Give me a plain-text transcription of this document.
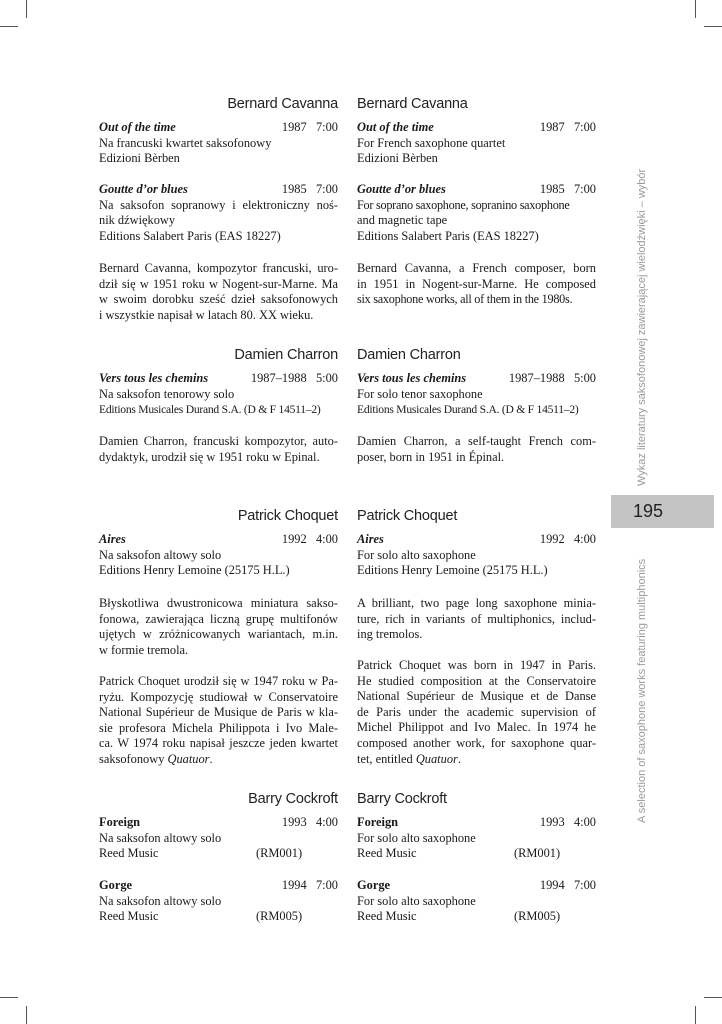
Bernard Cavanna
Out of the time	1987 7:00
Na francuski kwartet saksofonowy
Edizioni Bèrben
Goutte d’or blues	1985 7:00
Na saksofon sopranowy i elektroniczny noś-
nik dźwiękowy
Editions Salabert Paris (EAS 18227)
Bernard Cavanna, kompozytor francuski, uro-
dził się w 1951 roku w Nogent-sur-Marne. Ma
w swoim dorobku sześć dzieł saksofonowych
i wszystkie napisał w latach 80. XX wieku.
Damien Charron
Vers tous les chemins	1987–1988 5:00
Na saksofon tenorowy solo
Editions Musicales Durand S.A. (D & F 14511–2)
Damien Charron, francuski kompozytor, auto-
dydaktyk, urodził się w 1951 roku w Epinal.
Patrick Choquet
Aires	1992 4:00
Na saksofon altowy solo
Editions Henry Lemoine (25175 H.L.)
Błyskotliwa dwustronicowa miniatura sakso-
fonowa, zawierająca liczną grupę multifonów
ujętych w zróżnicowanych wariantach, m.in.
w formie tremola.
Patrick Choquet urodził się w 1947 roku w Pa-
ryżu. Kompozycję studiował w Conservatoire
National Supérieur de Musique de Paris w kla-
sie profesora Michela Philippota i Ivo Male-
ca. W 1974 roku napisał jeszcze jeden kwartet
saksofonowy Quatuor.
Barry Cockroft
Foreign	1993 4:00
Na saksofon altowy solo
Reed Music	(RM001)
Gorge	1994 7:00
Na saksofon altowy solo
Reed Music	(RM005)
Bernard Cavanna
Out of the time	1987 7:00
For French saxophone quartet
Edizioni Bèrben
Goutte d’or blues	1985 7:00
For soprano saxophone, sopranino saxophone
and magnetic tape
Editions Salabert Paris (EAS 18227)
Bernard Cavanna, a French composer, born
in 1951 in Nogent-sur-Marne. He composed
six saxophone works, all of them in the 1980s.
Damien Charron
Vers tous les chemins	1987–1988 5:00
For solo tenor saxophone
Editions Musicales Durand S.A. (D & F 14511–2)
Damien Charron, a self-taught French com-
poser, born in 1951 in Épinal.
Patrick Choquet
Aires	1992 4:00
For solo alto saxophone
Editions Henry Lemoine (25175 H.L.)
A brilliant, two page long saxophone minia-
ture, rich in variants of multiphonics, includ-
ing tremolos.
Patrick Choquet was born in 1947 in Paris.
He studied composition at the Conservatoire
National Supérieur de Musique et de Danse
de Paris under the academic supervision of
Michel Philippot and Ivo Malec. In 1974 he
composed another work, for saxophone quar-
tet, entitled Quatuor.
Barry Cockroft
Foreign	1993 4:00
For solo alto saxophone
Reed Music	(RM001)
Gorge	1994 7:00
For solo alto saxophone
Reed Music	(RM005)
Wykaz literatury saksofonowej zawierającej wielodźwięki – wybór
195
A selection of saxophone works featuring multiphonics
